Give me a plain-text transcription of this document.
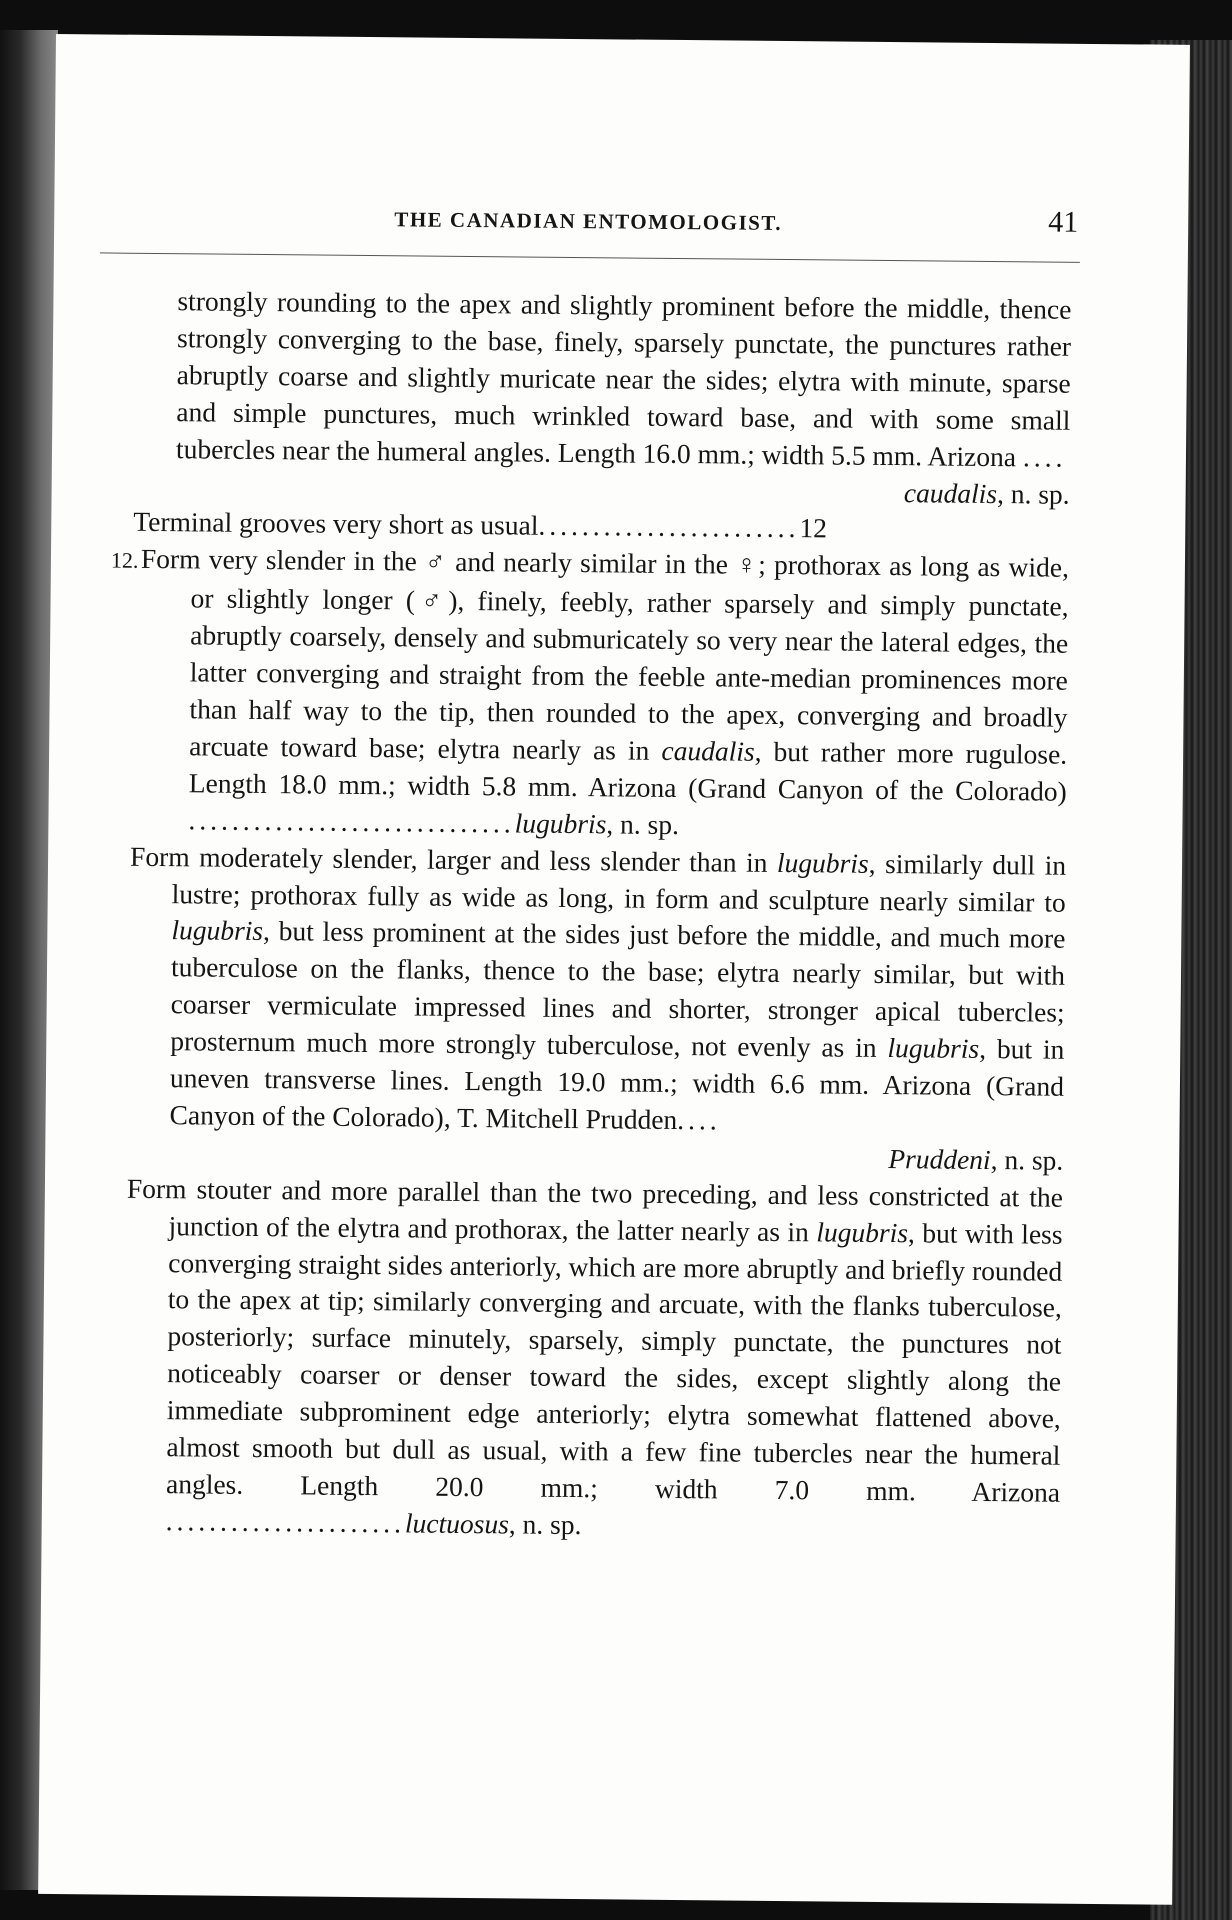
THE CANADIAN ENTOMOLOGIST.	41

strongly rounding to the apex and slightly prominent before the middle, thence strongly converging to the base, finely, sparsely punctate, the punctures rather abruptly coarse and slightly muricate near the sides; elytra with minute, sparse and simple punctures, much wrinkled toward base, and with some small tubercles near the humeral angles. Length 16.0 mm.; width 5.5 mm. Arizona ....

caudalis, n. sp.

Terminal grooves very short as usual........................12

12.Form very slender in the ♂ and nearly similar in the ♀; prothorax as long as wide, or slightly longer (♂), finely, feebly, rather sparsely and simply punctate, abruptly coarsely, densely and submuricately so very near the lateral edges, the latter converging and straight from the feeble ante-median prominences more than half way to the tip, then rounded to the apex, converging and broadly arcuate toward base; elytra nearly as in caudalis, but rather more rugulose. Length 18.0 mm.; width 5.8 mm. Arizona (Grand Canyon of the Colorado) ..............................lugubris, n. sp.

Form moderately slender, larger and less slender than in lugubris, similarly dull in lustre; prothorax fully as wide as long, in form and sculpture nearly similar to lugubris, but less prominent at the sides just before the middle, and much more tuberculose on the flanks, thence to the base; elytra nearly similar, but with coarser vermiculate impressed lines and shorter, stronger apical tubercles; prosternum much more strongly tuberculose, not evenly as in lugubris, but in uneven transverse lines. Length 19.0 mm.; width 6.6 mm. Arizona (Grand Canyon of the Colorado), T. Mitchell Prudden....

Pruddeni, n. sp.

Form stouter and more parallel than the two preceding, and less constricted at the junction of the elytra and prothorax, the latter nearly as in lugubris, but with less converging straight sides anteriorly, which are more abruptly and briefly rounded to the apex at tip; similarly converging and arcuate, with the flanks tuberculose, posteriorly; surface minutely, sparsely, simply punctate, the punctures not noticeably coarser or denser toward the sides, except slightly along the immediate subprominent edge anteriorly; elytra somewhat flattened above, almost smooth but dull as usual, with a few fine tubercles near the humeral angles. Length 20.0 mm.; width 7.0 mm. Arizona ......................luctuosus, n. sp.
